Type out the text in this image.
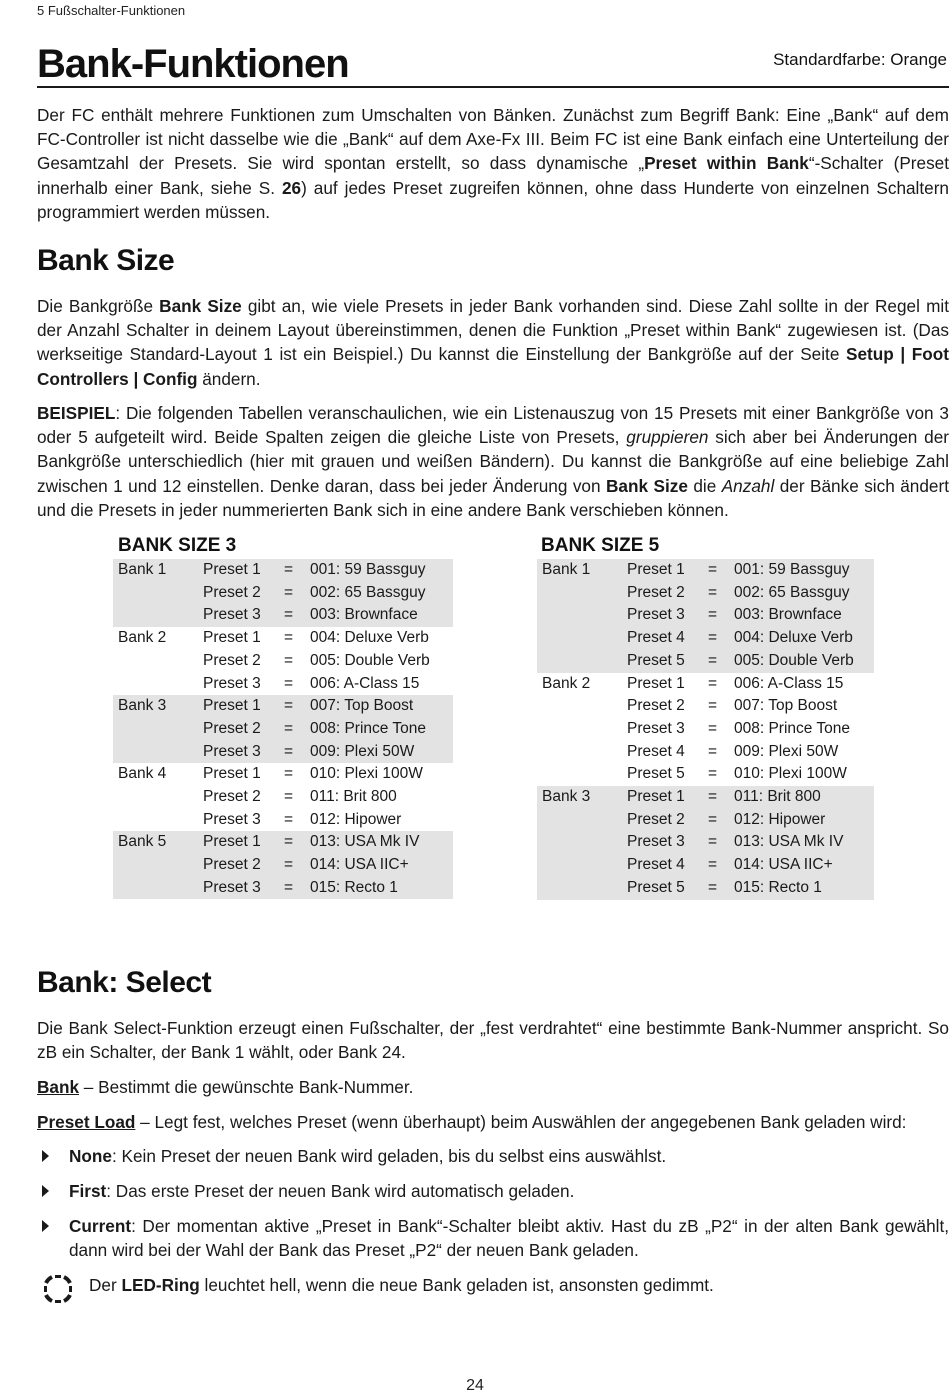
5 Fußschalter-Funktionen
Bank-Funktionen	Standardfarbe: Orange
Der FC enthält mehrere Funktionen zum Umschalten von Bänken. Zunächst zum Begriff Bank: Eine „Bank“ auf dem FC-Controller ist nicht dasselbe wie die „Bank“ auf dem Axe-Fx III. Beim FC ist eine Bank einfach eine Unterteilung der Gesamtzahl der Presets. Sie wird spontan erstellt, so dass dynamische „Preset within Bank“-Schalter (Preset innerhalb einer Bank, siehe S. 26) auf jedes Preset zugreifen können, ohne dass Hunderte von einzelnen Schaltern programmiert werden müssen.
Bank Size
Die Bankgröße Bank Size gibt an, wie viele Presets in jeder Bank vorhanden sind. Diese Zahl sollte in der Regel mit der Anzahl Schalter in deinem Layout übereinstimmen, denen die Funktion „Preset within Bank“ zugewiesen ist. (Das werkseitige Standard-Layout 1 ist ein Beispiel.) Du kannst die Einstellung der Bankgröße auf der Seite Setup | Foot Controllers | Config ändern.
BEISPIEL: Die folgenden Tabellen veranschaulichen, wie ein Listenauszug von 15 Presets mit einer Bankgröße von 3 oder 5 aufgeteilt wird. Beide Spalten zeigen die gleiche Liste von Presets, gruppieren sich aber bei Änderungen der Bankgröße unterschiedlich (hier mit grauen und weißen Bändern). Du kannst die Bankgröße auf eine beliebige Zahl zwischen 1 und 12 einstellen. Denke daran, dass bei jeder Änderung von Bank Size die Anzahl der Bänke sich ändert und die Presets in jeder nummerierten Bank sich in eine andere Bank verschieben können.
BANK SIZE 3
Bank 1 Preset 1 = 001: 59 Bassguy
Preset 2 = 002: 65 Bassguy
Preset 3 = 003: Brownface
Bank 2 Preset 1 = 004: Deluxe Verb
Preset 2 = 005: Double Verb
Preset 3 = 006: A-Class 15
Bank 3 Preset 1 = 007: Top Boost
Preset 2 = 008: Prince Tone
Preset 3 = 009: Plexi 50W
Bank 4 Preset 1 = 010: Plexi 100W
Preset 2 = 011: Brit 800
Preset 3 = 012: Hipower
Bank 5 Preset 1 = 013: USA Mk IV
Preset 2 = 014: USA IIC+
Preset 3 = 015: Recto 1
BANK SIZE 5
Bank 1 Preset 1 = 001: 59 Bassguy
Preset 2 = 002: 65 Bassguy
Preset 3 = 003: Brownface
Preset 4 = 004: Deluxe Verb
Preset 5 = 005: Double Verb
Bank 2 Preset 1 = 006: A-Class 15
Preset 2 = 007: Top Boost
Preset 3 = 008: Prince Tone
Preset 4 = 009: Plexi 50W
Preset 5 = 010: Plexi 100W
Bank 3 Preset 1 = 011: Brit 800
Preset 2 = 012: Hipower
Preset 3 = 013: USA Mk IV
Preset 4 = 014: USA IIC+
Preset 5 = 015: Recto 1
Bank: Select
Die Bank Select-Funktion erzeugt einen Fußschalter, der „fest verdrahtet“ eine bestimmte Bank-Nummer anspricht. So zB ein Schalter, der Bank 1 wählt, oder Bank 24.
Bank – Bestimmt die gewünschte Bank-Nummer.
Preset Load – Legt fest, welches Preset (wenn überhaupt) beim Auswählen der angegebenen Bank geladen wird:
None: Kein Preset der neuen Bank wird geladen, bis du selbst eins auswählst.
First: Das erste Preset der neuen Bank wird automatisch geladen.
Current: Der momentan aktive „Preset in Bank“-Schalter bleibt aktiv. Hast du zB „P2“ in der alten Bank gewählt, dann wird bei der Wahl der Bank das Preset „P2“ der neuen Bank geladen.
Der LED-Ring leuchtet hell, wenn die neue Bank geladen ist, ansonsten gedimmt.
24
